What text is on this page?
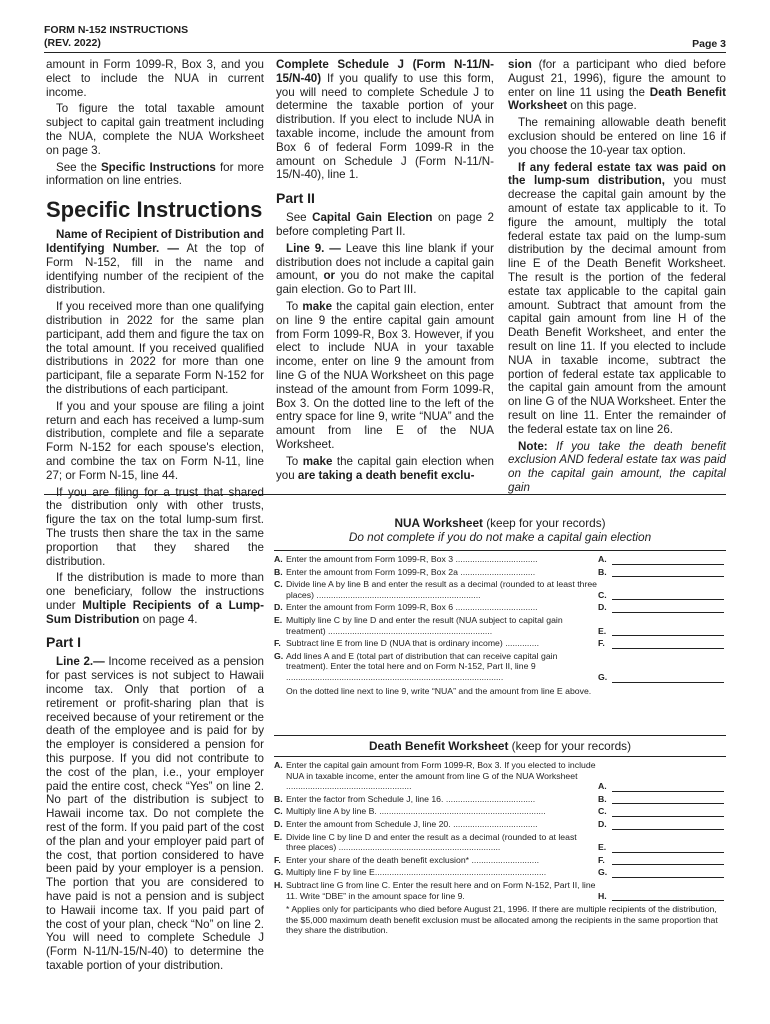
FORM N-152 INSTRUCTIONS
(REV. 2022)	Page 3

amount in Form 1099-R, Box 3, and you elect to include the NUA in current income.

To figure the total taxable amount subject to capital gain treatment including the NUA, complete the NUA Worksheet on page 3.

See the Specific Instructions for more information on line entries.

Specific Instructions

Name of Recipient of Distribution and Identifying Number. — At the top of Form N-152, fill in the name and identifying number of the recipient of the distribution.

If you received more than one qualifying distribution in 2022 for the same plan participant, add them and figure the tax on the total amount. If you received qualified distributions in 2022 for more than one participant, file a separate Form N-152 for the distributions of each participant.

If you and your spouse are filing a joint return and each has received a lump-sum distribution, complete and file a separate Form N-152 for each spouse's election, and combine the tax on Form N-11, line 27; or Form N-15, line 44.

If you are filing for a trust that shared the distribution only with other trusts, figure the tax on the total lump-sum first. The trusts then share the tax in the same proportion that they shared the distribution.

If the distribution is made to more than one beneficiary, follow the instructions under Multiple Recipients of a Lump-Sum Distribution on page 4.

Part I

Line 2.— Income received as a pension for past services is not subject to Hawaii income tax. Only that portion of a retirement or profit-sharing plan that is received because of your retirement or the death of the employee and is paid for by the employer is considered a pension for this purpose. If you did not contribute to the cost of the plan, i.e., your employer paid the entire cost, check “Yes” on line 2. No part of the distribution is subject to Hawaii income tax. Do not complete the rest of the form. If you paid part of the cost of the plan and your employer paid part of the cost, that portion considered to have been paid by your employer is a pension. The portion that you are considered to have paid is not a pension and is subject to Hawaii income tax. If you paid part of the cost of your plan, check “No” on line 2. You will need to complete Schedule J (Form N-11/N-15/N-40) to determine the taxable portion of your distribution.

Complete Schedule J (Form N-11/N-15/N-40) If you qualify to use this form, you will need to complete Schedule J to determine the taxable portion of your distribution. If you elect to include NUA in taxable income, include the amount from Box 6 of federal Form 1099-R in the amount on Schedule J (Form N-11/N-15/N-40), line 1.

Part II

See Capital Gain Election on page 2 before completing Part II.

Line 9. — Leave this line blank if your distribution does not include a capital gain amount, or you do not make the capital gain election. Go to Part III.

To make the capital gain election, enter on line 9 the entire capital gain amount from Form 1099-R, Box 3. However, if you elect to include NUA in your taxable income, enter on line 9 the amount from line G of the NUA Worksheet on this page instead of the amount from Form 1099-R, Box 3. On the dotted line to the left of the entry space for line 9, write “NUA” and the amount from line E of the NUA Worksheet.

To make the capital gain election when you are taking a death benefit exclu-

sion (for a participant who died before August 21, 1996), figure the amount to enter on line 11 using the Death Benefit Worksheet on this page.

The remaining allowable death benefit exclusion should be entered on line 16 if you choose the 10-year tax option.

If any federal estate tax was paid on the lump-sum distribution, you must decrease the capital gain amount by the amount of estate tax applicable to it. To figure the amount, multiply the total federal estate tax paid on the lump-sum distribution by the decimal amount from line E of the Death Benefit Worksheet. The result is the portion of the federal estate tax applicable to the capital gain amount. Subtract that amount from the capital gain amount from line H of the Death Benefit Worksheet, and enter the result on line 11. If you elected to include NUA in taxable income, subtract the portion of federal estate tax applicable to the capital gain amount from the amount on line G of the NUA Worksheet. Enter the result on line 11. Enter the remainder of the federal estate tax on line 26.

Note: If you take the death benefit exclusion AND federal estate tax was paid on the capital gain amount, the capital gain

NUA Worksheet (keep for your records)
Do not complete if you do not make a capital gain election
A. Enter the amount from Form 1099-R, Box 3 ..................................	A.
B. Enter the amount from Form 1099-R, Box 2a ...............................	B.
C. Divide line A by line B and enter the result as a decimal (rounded to at least three places) ....................................................................	C.
D. Enter the amount from Form 1099-R, Box 6 ..................................	D.
E. Multiply line C by line D and enter the result (NUA subject to capital gain treatment) ....................................................................	E.
F. Subtract line E from line D (NUA that is ordinary income) ..............	F.
G. Add lines A and E (total part of distribution that can receive capital gain treatment). Enter the total here and on Form N-152, Part II, line 9 ..........................................................................................	G.
On the dotted line next to line 9, write “NUA” and the amount from line E above.
Death Benefit Worksheet (keep for your records)
A. Enter the capital gain amount from Form 1099-R, Box 3. If you elected to include NUA in taxable income, enter the amount from line G of the NUA Worksheet ....................................................	A.
B. Enter the factor from Schedule J, line 16. .....................................	B.
C. Multiply line A by line B. .....................................................................	C.
D. Enter the amount from Schedule J, line 20. ...................................	D.
E. Divide line C by line D and enter the result as a decimal (rounded to at least three places) ...................................................................	E.
F. Enter your share of the death benefit exclusion* ............................	F.
G. Multiply line F by line E.......................................................................	G.
H. Subtract line G from line C. Enter the result here and on Form N-152, Part II, line 11. Write “DBE” in the amount space for line 9.	H.
* Applies only for participants who died before August 21, 1996. If there are multiple recipients of the distribution, the $5,000 maximum death benefit exclusion must be allocated among the recipients in the same proportion that they share the distribution.
